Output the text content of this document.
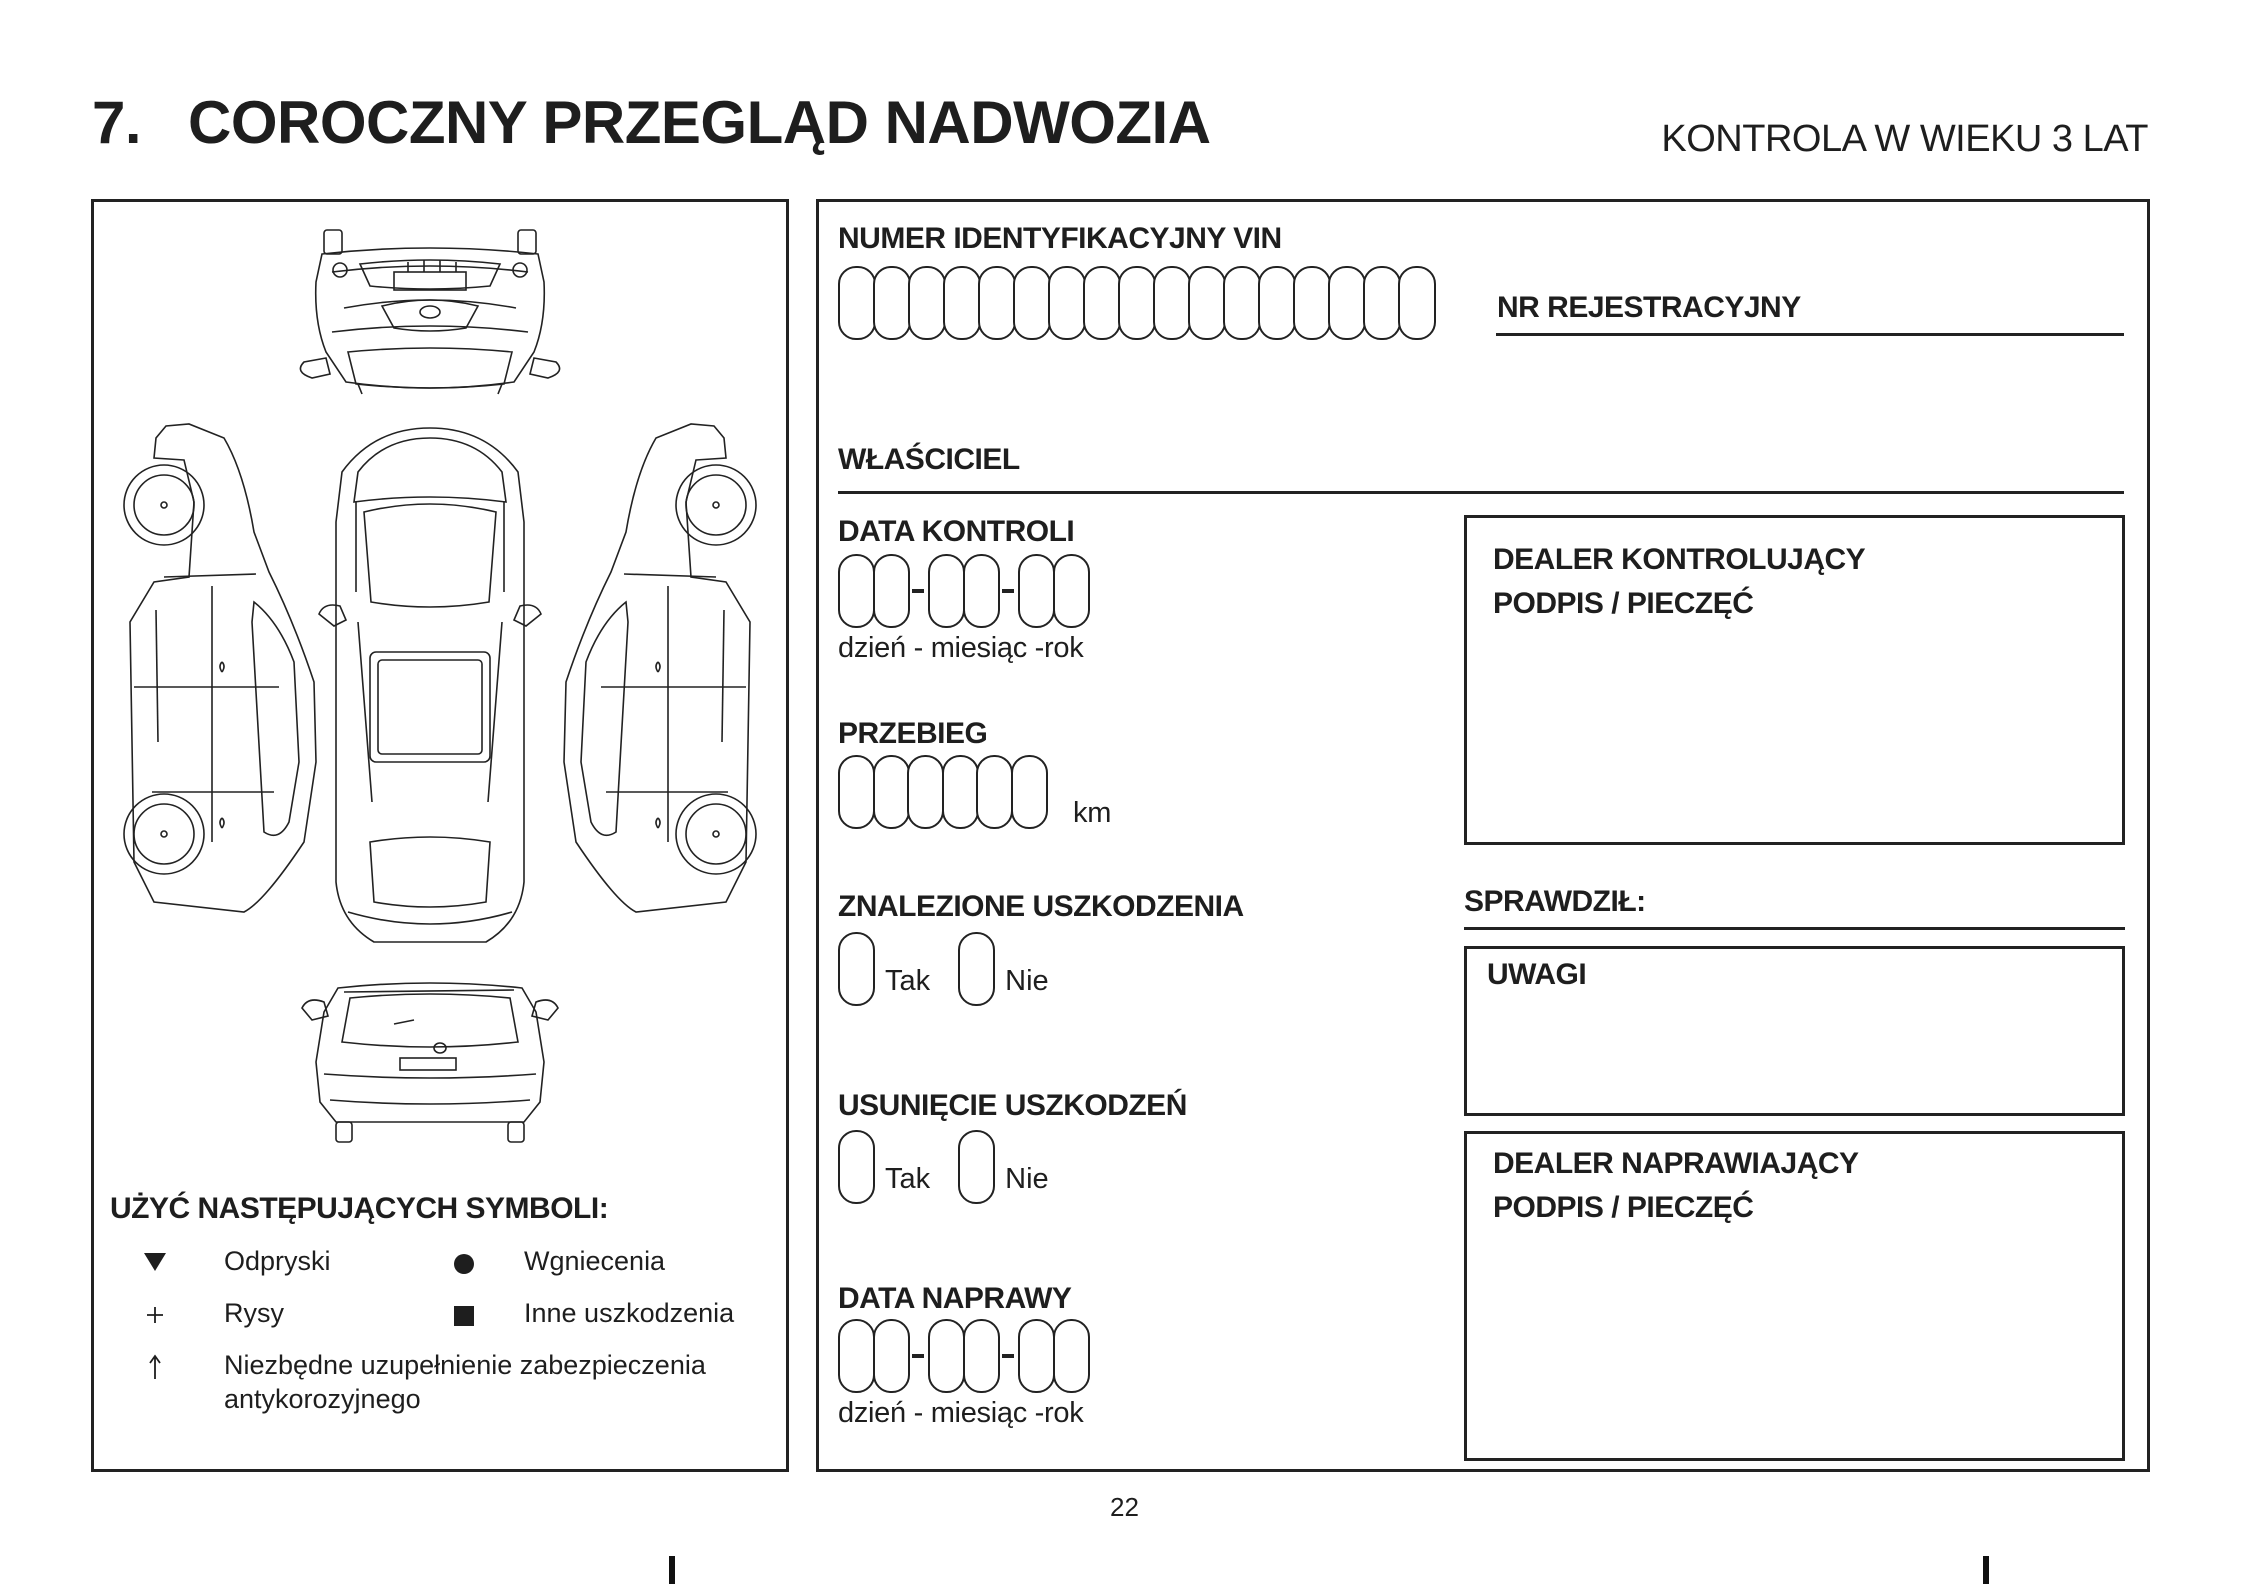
7. COROCZNY PRZEGLĄD NADWOZIA	KONTROLA W WIEKU 3 LAT
UŻYĆ NASTĘPUJĄCYCH SYMBOLI:
Odpryski	Wgniecenia
Rysy	Inne uszkodzenia
Niezbędne uzupełnienie zabezpieczenia
antykorozyjnego
NUMER IDENTYFIKACYJNY VIN
NR REJESTRACYJNY
WŁAŚCICIEL
DATA KONTROLI
dzień - miesiąc -rok
PRZEBIEG
km
ZNALEZIONE USZKODZENIA
Tak	Nie
USUNIĘCIE USZKODZEŃ
Tak	Nie
DATA NAPRAWY
dzień - miesiąc -rok
DEALER KONTROLUJĄCY
PODPIS / PIECZĘĆ
SPRAWDZIŁ:
UWAGI
DEALER NAPRAWIAJĄCY
PODPIS / PIECZĘĆ
22
